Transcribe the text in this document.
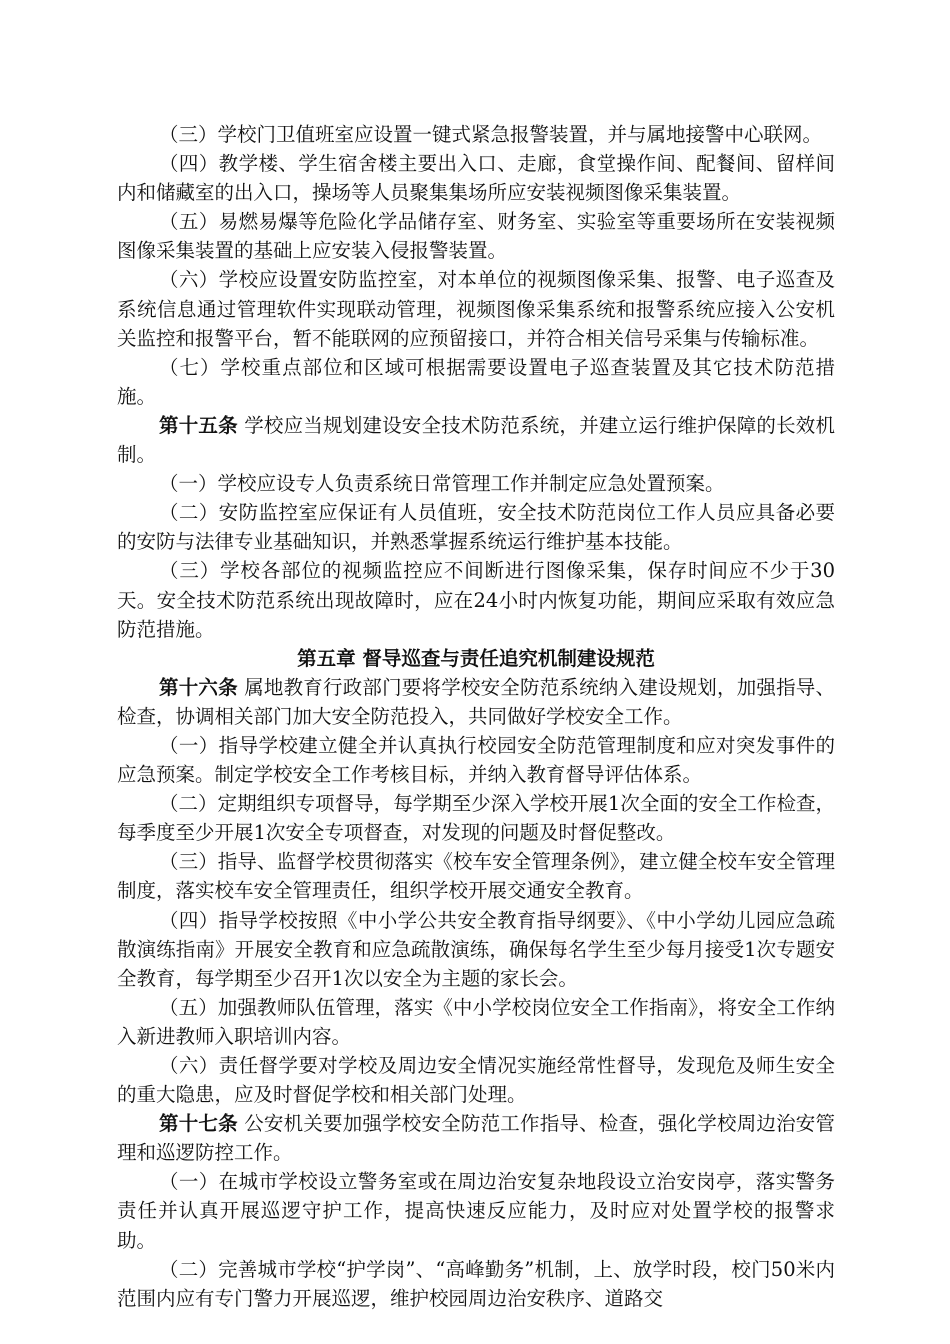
（三）学校门卫值班室应设置一键式紧急报警装置，并与属地接警中心联网。

（四）教学楼、学生宿舍楼主要出入口、走廊，食堂操作间、配餐间、留样间内和储藏室的出入口，操场等人员聚集集场所应安装视频图像采集装置。

（五）易燃易爆等危险化学品储存室、财务室、实验室等重要场所在安装视频图像采集装置的基础上应安装入侵报警装置。

（六）学校应设置安防监控室，对本单位的视频图像采集、报警、电子巡查及系统信息通过管理软件实现联动管理，视频图像采集系统和报警系统应接入公安机关监控和报警平台，暂不能联网的应预留接口，并符合相关信号采集与传输标准。

（七）学校重点部位和区域可根据需要设置电子巡查装置及其它技术防范措施。

第十五条 学校应当规划建设安全技术防范系统，并建立运行维护保障的长效机制。

（一）学校应设专人负责系统日常管理工作并制定应急处置预案。

（二）安防监控室应保证有人员值班，安全技术防范岗位工作人员应具备必要的安防与法律专业基础知识，并熟悉掌握系统运行维护基本技能。

（三）学校各部位的视频监控应不间断进行图像采集，保存时间应不少于30天。安全技术防范系统出现故障时，应在24小时内恢复功能，期间应采取有效应急防范措施。

第五章 督导巡查与责任追究机制建设规范

第十六条 属地教育行政部门要将学校安全防范系统纳入建设规划，加强指导、检查，协调相关部门加大安全防范投入，共同做好学校安全工作。

（一）指导学校建立健全并认真执行校园安全防范管理制度和应对突发事件的应急预案。制定学校安全工作考核目标，并纳入教育督导评估体系。

（二）定期组织专项督导，每学期至少深入学校开展1次全面的安全工作检查，每季度至少开展1次安全专项督查，对发现的问题及时督促整改。

（三）指导、监督学校贯彻落实《校车安全管理条例》，建立健全校车安全管理制度，落实校车安全管理责任，组织学校开展交通安全教育。

（四）指导学校按照《中小学公共安全教育指导纲要》、《中小学幼儿园应急疏散演练指南》开展安全教育和应急疏散演练，确保每名学生至少每月接受1次专题安全教育，每学期至少召开1次以安全为主题的家长会。

（五）加强教师队伍管理，落实《中小学校岗位安全工作指南》，将安全工作纳入新进教师入职培训内容。

（六）责任督学要对学校及周边安全情况实施经常性督导，发现危及师生安全的重大隐患，应及时督促学校和相关部门处理。

第十七条 公安机关要加强学校安全防范工作指导、检查，强化学校周边治安管理和巡逻防控工作。

（一）在城市学校设立警务室或在周边治安复杂地段设立治安岗亭，落实警务责任并认真开展巡逻守护工作，提高快速反应能力，及时应对处置学校的报警求助。

（二）完善城市学校“护学岗”、“高峰勤务”机制，上、放学时段，校门50米内范围内应有专门警力开展巡逻，维护校园周边治安秩序、道路交
